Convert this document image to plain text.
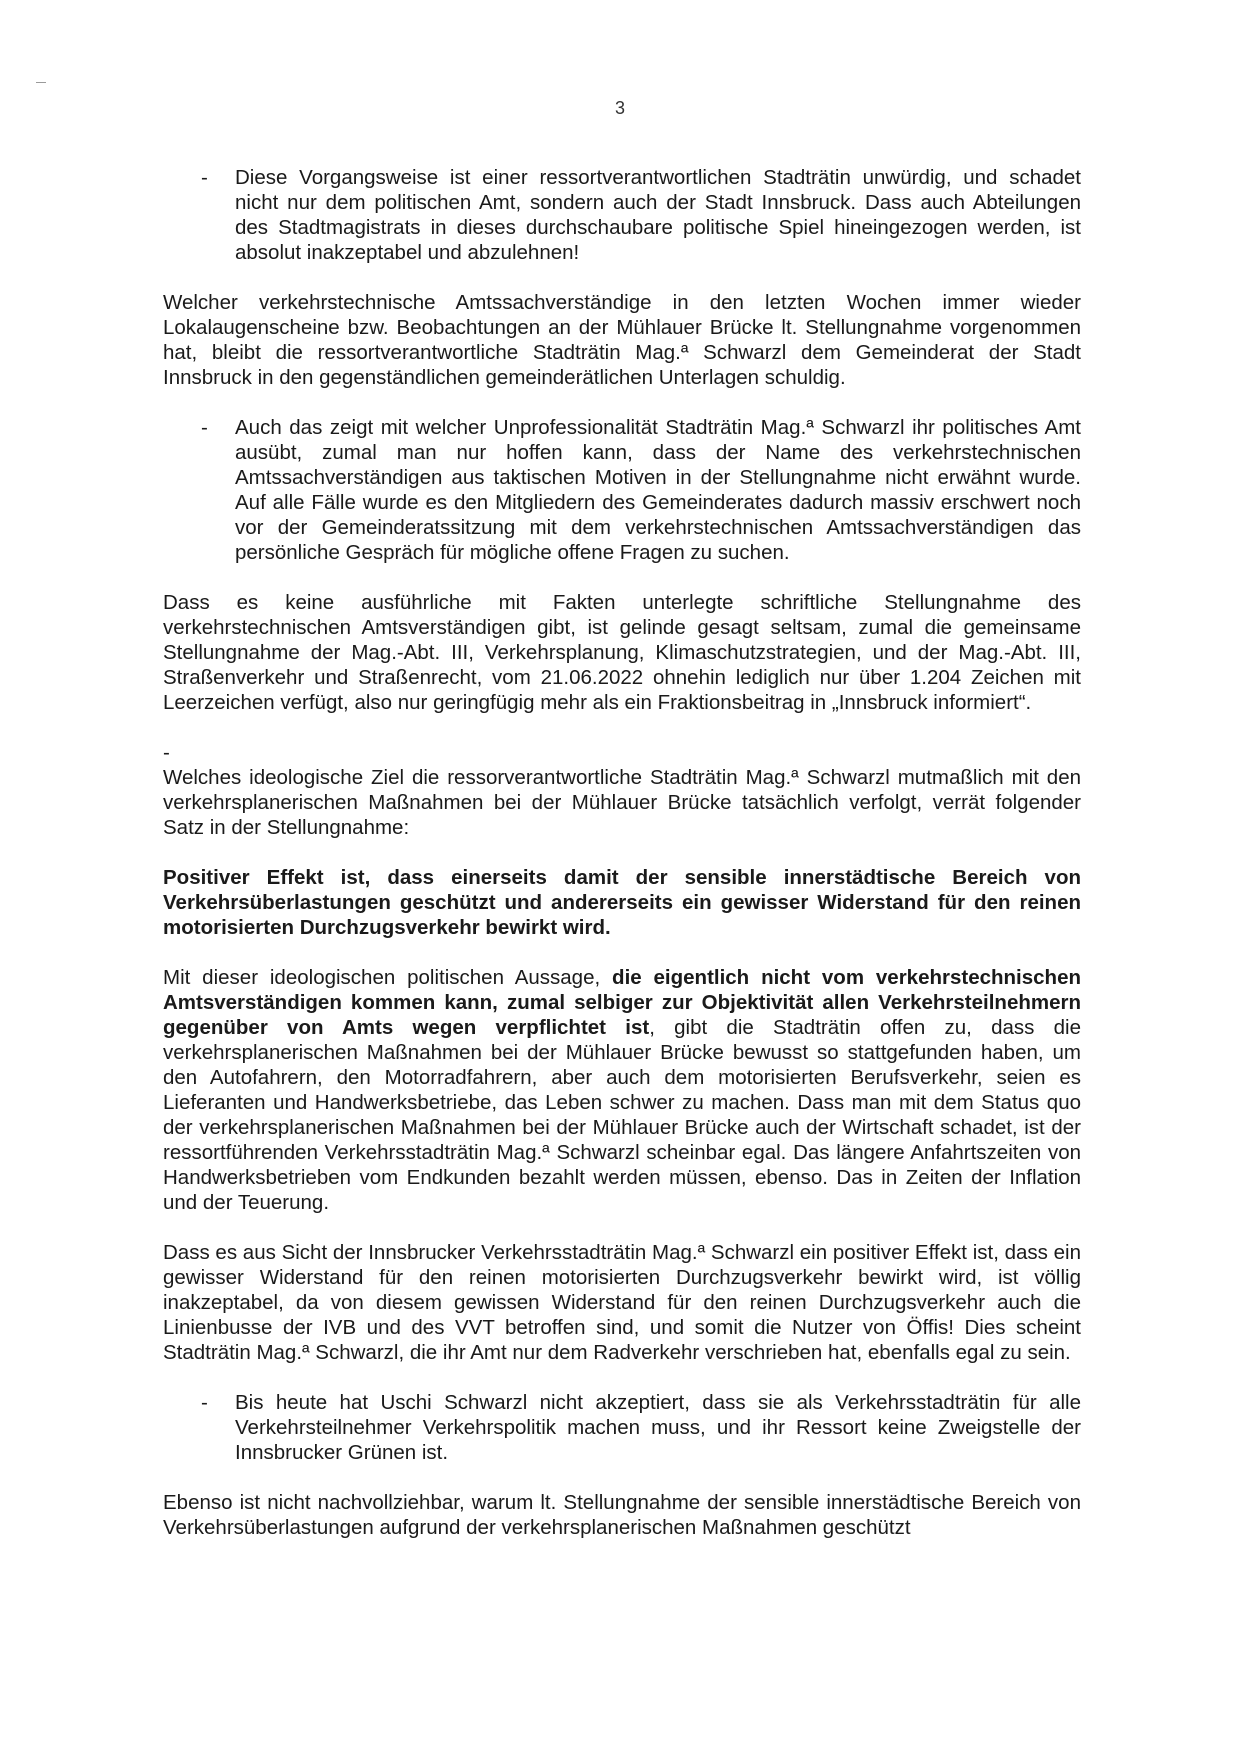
3
- Diese Vorgangsweise ist einer ressortverantwortlichen Stadträtin unwürdig, und schadet nicht nur dem politischen Amt, sondern auch der Stadt Innsbruck. Dass auch Abteilungen des Stadtmagistrats in dieses durchschaubare politische Spiel hineingezogen werden, ist absolut inakzeptabel und abzulehnen!

Welcher verkehrstechnische Amtssachverständige in den letzten Wochen immer wieder Lokalaugenscheine bzw. Beobachtungen an der Mühlauer Brücke lt. Stellungnahme vorgenommen hat, bleibt die ressortverantwortliche Stadträtin Mag.ª Schwarzl dem Gemeinderat der Stadt Innsbruck in den gegenständlichen gemeinderätlichen Unterlagen schuldig.

- Auch das zeigt mit welcher Unprofessionalität Stadträtin Mag.ª Schwarzl ihr politisches Amt ausübt, zumal man nur hoffen kann, dass der Name des verkehrstechnischen Amtssachverständigen aus taktischen Motiven in der Stellungnahme nicht erwähnt wurde. Auf alle Fälle wurde es den Mitgliedern des Gemeinderates dadurch massiv erschwert noch vor der Gemeinderatssitzung mit dem verkehrstechnischen Amtssachverständigen das persönliche Gespräch für mögliche offene Fragen zu suchen.

Dass es keine ausführliche mit Fakten unterlegte schriftliche Stellungnahme des verkehrstechnischen Amtsverständigen gibt, ist gelinde gesagt seltsam, zumal die gemeinsame Stellungnahme der Mag.-Abt. III, Verkehrsplanung, Klimaschutzstrategien, und der Mag.-Abt. III, Straßenverkehr und Straßenrecht, vom 21.06.2022 ohnehin lediglich nur über 1.204 Zeichen mit Leerzeichen verfügt, also nur geringfügig mehr als ein Fraktionsbeitrag in „Innsbruck informiert“.

-

Welches ideologische Ziel die ressorverantwortliche Stadträtin Mag.ª Schwarzl mutmaßlich mit den verkehrsplanerischen Maßnahmen bei der Mühlauer Brücke tatsächlich verfolgt, verrät folgender Satz in der Stellungnahme:

Positiver Effekt ist, dass einerseits damit der sensible innerstädtische Bereich von Verkehrsüberlastungen geschützt und andererseits ein gewisser Widerstand für den reinen motorisierten Durchzugsverkehr bewirkt wird.

Mit dieser ideologischen politischen Aussage, die eigentlich nicht vom verkehrstechnischen Amtsverständigen kommen kann, zumal selbiger zur Objektivität allen Verkehrsteilnehmern gegenüber von Amts wegen verpflichtet ist, gibt die Stadträtin offen zu, dass die verkehrsplanerischen Maßnahmen bei der Mühlauer Brücke bewusst so stattgefunden haben, um den Autofahrern, den Motorradfahrern, aber auch dem motorisierten Berufsverkehr, seien es Lieferanten und Handwerksbetriebe, das Leben schwer zu machen. Dass man mit dem Status quo der verkehrsplanerischen Maßnahmen bei der Mühlauer Brücke auch der Wirtschaft schadet, ist der ressortführenden Verkehrsstadträtin Mag.ª Schwarzl scheinbar egal. Das längere Anfahrtszeiten von Handwerksbetrieben vom Endkunden bezahlt werden müssen, ebenso. Das in Zeiten der Inflation und der Teuerung.

Dass es aus Sicht der Innsbrucker Verkehrsstadträtin Mag.ª Schwarzl ein positiver Effekt ist, dass ein gewisser Widerstand für den reinen motorisierten Durchzugsverkehr bewirkt wird, ist völlig inakzeptabel, da von diesem gewissen Widerstand für den reinen Durchzugsverkehr auch die Linienbusse der IVB und des VVT betroffen sind, und somit die Nutzer von Öffis! Dies scheint Stadträtin Mag.ª Schwarzl, die ihr Amt nur dem Radverkehr verschrieben hat, ebenfalls egal zu sein.

- Bis heute hat Uschi Schwarzl nicht akzeptiert, dass sie als Verkehrsstadträtin für alle Verkehrsteilnehmer Verkehrspolitik machen muss, und ihr Ressort keine Zweigstelle der Innsbrucker Grünen ist.

Ebenso ist nicht nachvollziehbar, warum lt. Stellungnahme der sensible innerstädtische Bereich von Verkehrsüberlastungen aufgrund der verkehrsplanerischen Maßnahmen geschützt
